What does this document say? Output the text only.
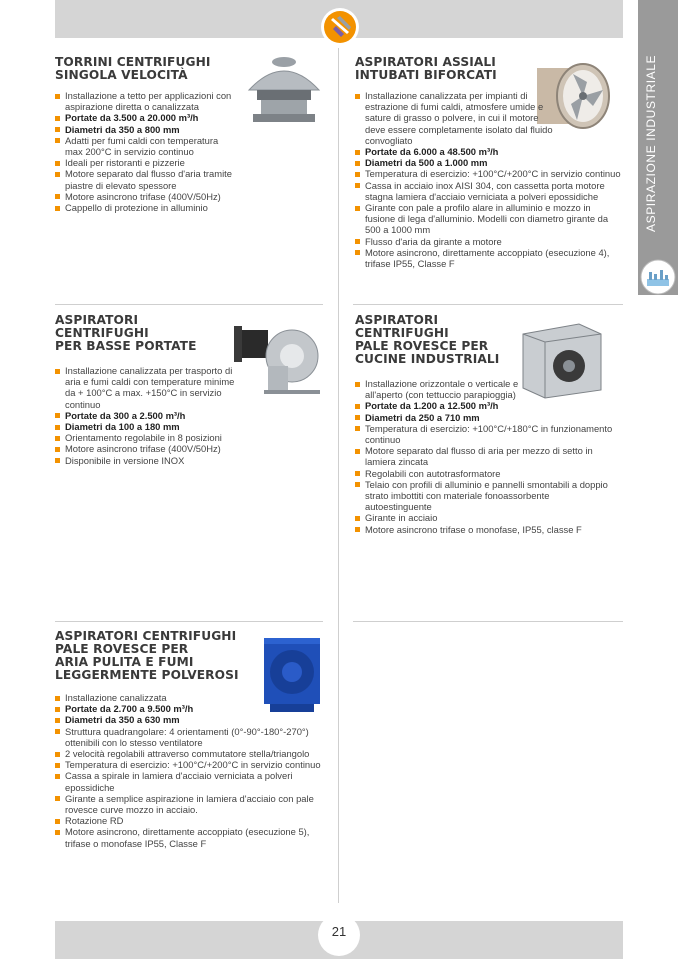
ASPIRAZIONE INDUSTRIALE
21
TORRINI CENTRIFUGHI
SINGOLA VELOCITÀ
Installazione a tetto per applicazioni con aspirazione diretta o canalizzata
Portate da 3.500 a 20.000 m³/h
Diametri da 350 a 800 mm
Adatti per fumi caldi con temperatura max 200°C in servizio continuo
Ideali per ristoranti e pizzerie
Motore separato dal flusso d'aria tramite piastre di elevato spessore
Motore asincrono trifase (400V/50Hz)
Cappello di protezione in alluminio
ASPIRATORI ASSIALI
INTUBATI BIFORCATI
Installazione canalizzata per impianti di estrazione di fumi caldi, atmosfere umide e sature di grasso o polvere, in cui il motore deve essere completamente isolato dal fluido convogliato
Portate da 6.000 a 48.500 m³/h
Diametri da 500 a 1.000 mm
Temperatura di esercizio: +100°C/+200°C in servizio continuo
Cassa in acciaio inox AISI 304, con cassetta porta motore stagna lamiera d'acciaio verniciata a polveri epossidiche
Girante con pale a profilo alare in alluminio e mozzo in fusione di lega d'alluminio. Modelli con diametro girante da 500 a 1000 mm
Flusso d'aria da girante a motore
Motore asincrono, direttamente accoppiato (esecuzione 4), trifase IP55, Classe F
ASPIRATORI
CENTRIFUGHI
PER BASSE PORTATE
Installazione canalizzata per trasporto di aria e fumi caldi con temperature minime da + 100°C a max. +150°C in servizio continuo
Portate da 300 a 2.500 m³/h
Diametri da 100 a 180 mm
Orientamento regolabile in 8 posizioni
Motore asincrono trifase (400V/50Hz)
Disponibile in versione INOX
ASPIRATORI
CENTRIFUGHI
PALE ROVESCE PER
CUCINE INDUSTRIALI
Installazione orizzontale o verticale e all'aperto (con tettuccio parapioggia)
Portate da 1.200 a 12.500 m³/h
Diametri da 250 a 710 mm
Temperatura di esercizio: +100°C/+180°C in funzionamento continuo
Motore separato dal flusso di aria per mezzo di setto in lamiera zincata
Regolabili con autotrasformatore
Telaio con profili di alluminio e pannelli smontabili a doppio strato imbottiti con materiale fonoassorbente autoestinguente
Girante in acciaio
Motore asincrono trifase o monofase, IP55, classe F
ASPIRATORI CENTRIFUGHI
PALE ROVESCE PER
ARIA PULITA E FUMI
LEGGERMENTE POLVEROSI
Installazione canalizzata
Portate da 2.700 a 9.500 m³/h
Diametri da 350 a 630 mm
Struttura quadrangolare: 4 orientamenti (0°-90°-180°-270°) ottenibili con lo stesso ventilatore
2 velocità regolabili attraverso commutatore stella/triangolo
Temperatura di esercizio: +100°C/+200°C in servizio continuo
Cassa a spirale in lamiera d'acciaio verniciata a polveri epossidiche
Girante a semplice aspirazione in lamiera d'acciaio con pale rovesce curve mozzo in acciaio.
Rotazione RD
Motore asincrono, direttamente accoppiato (esecuzione 5), trifase o monofase IP55, Classe F
